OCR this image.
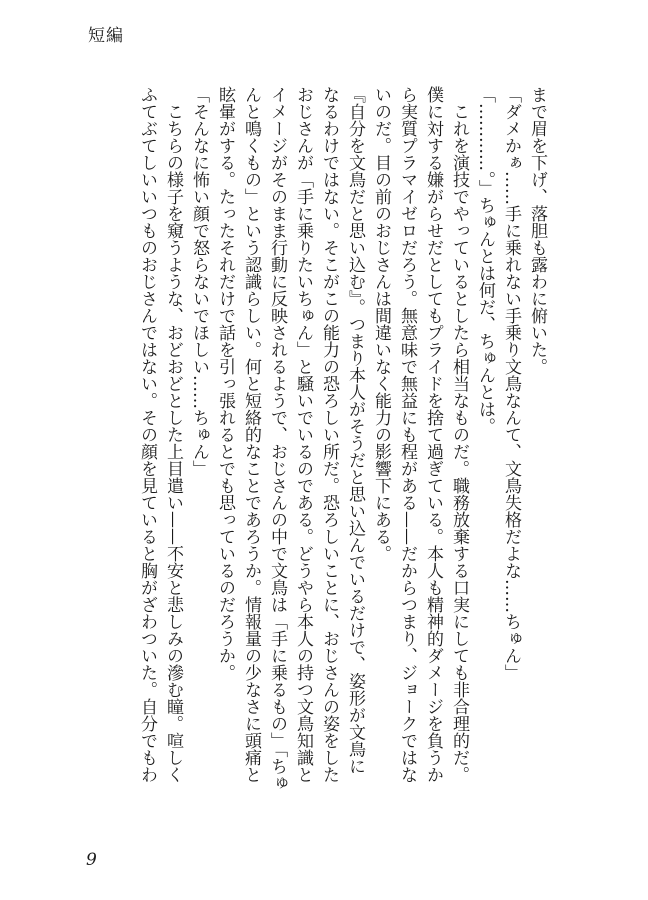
短編

まで眉を下げ、落胆も露わに俯いた。

「ダメかぁ……手に乗れない手乗り文鳥なんて、文鳥失格だよな……ちゅん」

「…………。」ちゅんとは何だ、ちゅんとは。

　これを演技でやっているとしたら相当なものだ。職務放棄する口実にしても非合理的だ。

僕に対する嫌がらせだとしてもプライドを捨て過ぎている。本人も精神的ダメージを負うか

ら実質プラマイゼロだろう。無意味で無益にも程がある——だからつまり、ジョークではな

いのだ。目の前のおじさんは間違いなく能力の影響下にある。

『自分を文鳥だと思い込む』。つまり本人がそうだと思い込んでいるだけで、姿形が文鳥に

なるわけではない。そこがこの能力の恐ろしい所だ。恐ろしいことに、おじさんの姿をした

おじさんが「手に乗りたいちゅん」と騒いでいるのである。どうやら本人の持つ文鳥知識と

イメージがそのまま行動に反映されるようで、おじさんの中で文鳥は「手に乗るもの」「ちゅ

んと鳴くもの」という認識らしい。何と短絡的なことであろうか。情報量の少なさに頭痛と

眩暈がする。たったそれだけで話を引っ張れるとでも思っているのだろうか。

「そんなに怖い顔で怒らないでほしい……ちゅん」

　こちらの様子を窺うような、おどおどとした上目遣い——不安と悲しみの滲む瞳。喧しく

ふてぶてしいいつものおじさんではない。その顔を見ていると胸がざわついた。自分でもわ

9
